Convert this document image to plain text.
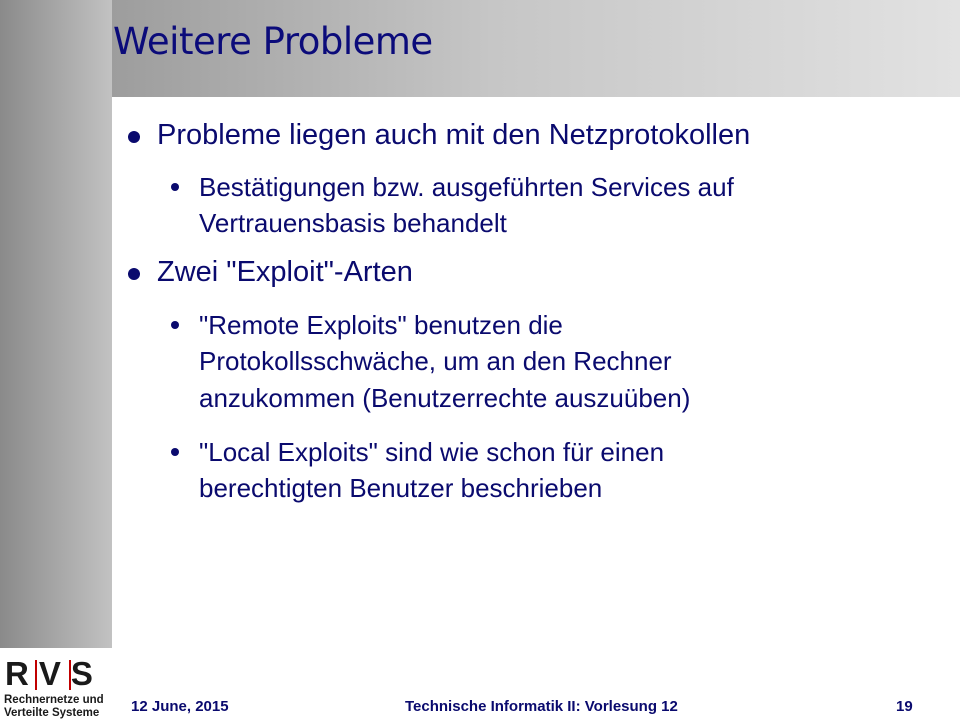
Weitere Probleme
Probleme liegen auch mit den Netzprotokollen
Bestätigungen bzw. ausgeführten Services auf
Vertrauensbasis behandelt
Zwei "Exploit"-Arten
"Remote Exploits" benutzen die
Protokollsschwäche, um an den Rechner
anzukommen (Benutzerrechte auszuüben)
"Local Exploits" sind wie schon für einen
berechtigten Benutzer beschrieben
R V S
Rechnernetze und
Verteilte Systeme 12 June, 2015	Technische Informatik II: Vorlesung 12	19
